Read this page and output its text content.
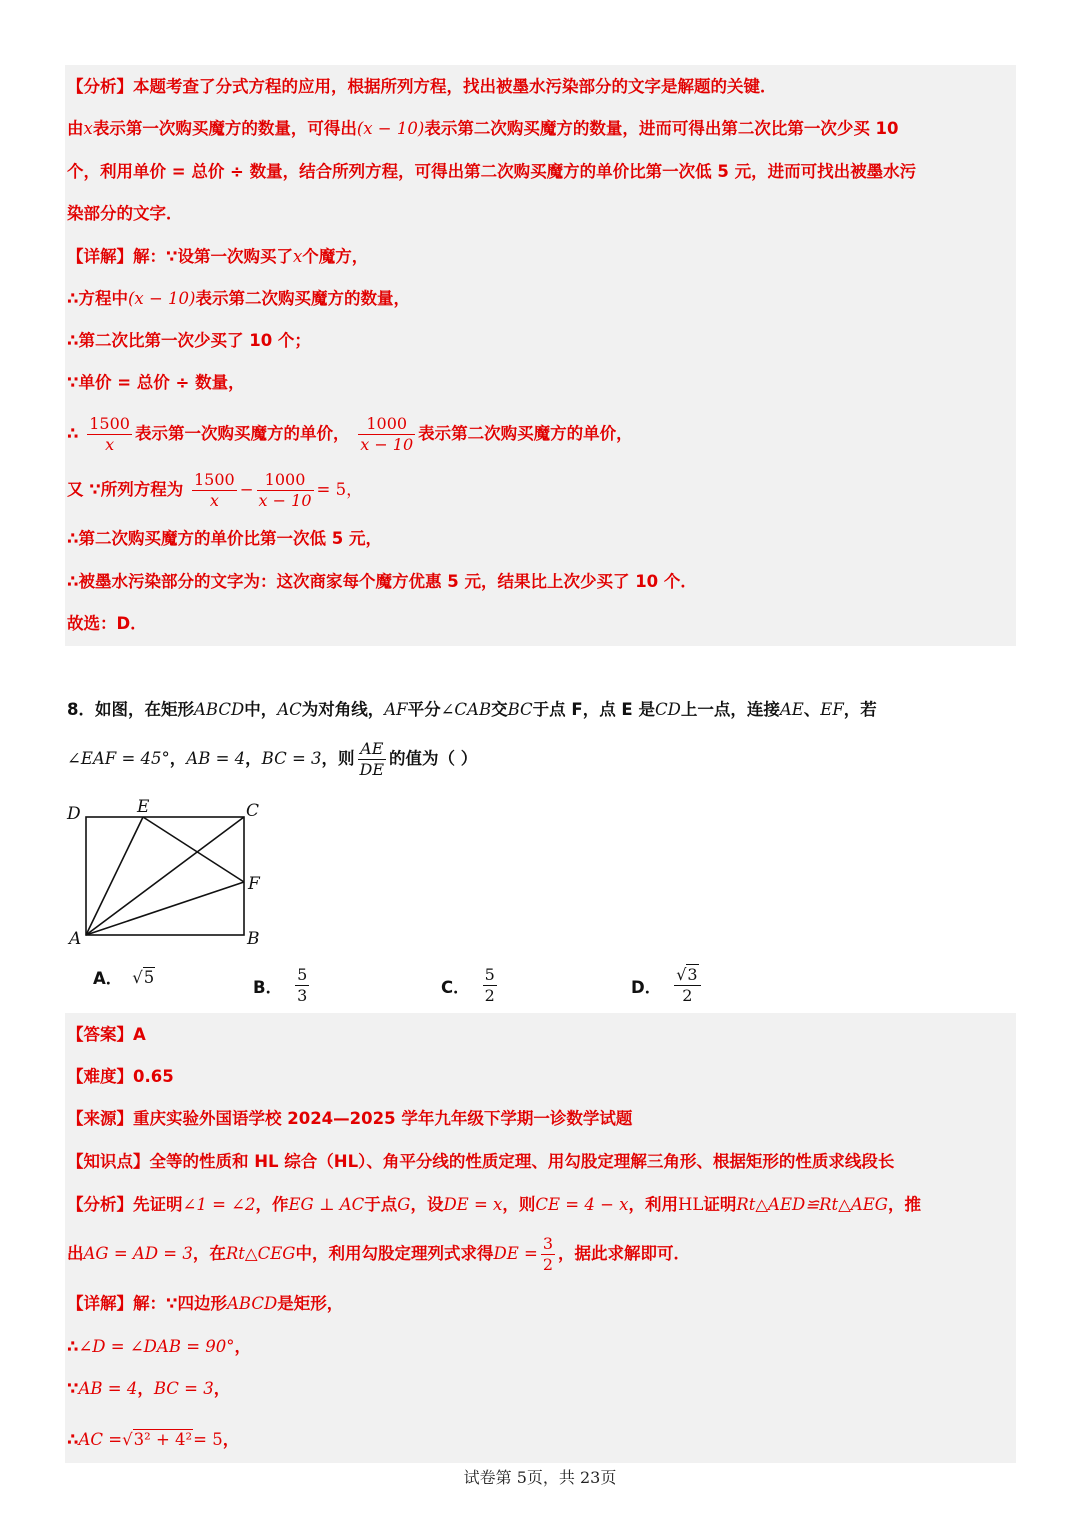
【分析】本题考查了分式方程的应用，根据所列方程，找出被墨水污染部分的文字是解题的关键．
由x表示第一次购买魔方的数量，可得出(x − 10)表示第二次购买魔方的数量，进而可得出第二次比第一次少买 10
个，利用单价 = 总价 ÷ 数量，结合所列方程，可得出第二次购买魔方的单价比第一次低 5 元，进而可找出被墨水污
染部分的文字．
【详解】解：∵设第一次购买了x个魔方，
∴方程中(x − 10)表示第二次购买魔方的数量，
∴第二次比第一次少买了 10 个；
∵单价 = 总价 ÷ 数量，
∴ $\frac{1500}{x}$ 表示第一次购买魔方的单价， $\frac{1000}{x - 10}$ 表示第二次购买魔方的单价，
又 ∵所列方程为 $\frac{1500}{x} - \frac{1000}{x - 10} = 5$，
∴第二次购买魔方的单价比第一次低 5 元，
∴被墨水污染部分的文字为：这次商家每个魔方优惠 5 元，结果比上次少买了 10 个．
故选：D．
8．如图，在矩形ABCD中，AC为对角线，AF平分∠CAB交BC于点 F，点 E 是CD上一点，连接AE、EF，若
∠EAF = 45°，AB = 4，BC = 3，则 $\frac{AE}{DE}$ 的值为（ ）
D	E	C
F
A	B
A． √5
B． $\frac{5}{3}$	C． $\frac{5}{2}$	D． $\frac{√3}{2}$
【答案】A
【难度】0.65
【来源】重庆实验外国语学校 2024—2025 学年九年级下学期一诊数学试题
【知识点】全等的性质和 HL 综合（HL）、角平分线的性质定理、用勾股定理解三角形、根据矩形的性质求线段长
【分析】先证明∠1 = ∠2，作EG ⊥ AC于点G，设DE = x，则CE = 4 − x，利用HL证明Rt△AED≌Rt△AEG，推
出AG = AD = 3，在Rt△CEG中，利用勾股定理列式求得DE = $\frac{3}{2}$ ，据此求解即可．
【详解】解：∵四边形ABCD是矩形，
∴∠D = ∠DAB = 90°，
∵AB = 4，BC = 3，
∴AC =√3² + 4²= 5，
试卷第 5页，共 23页
